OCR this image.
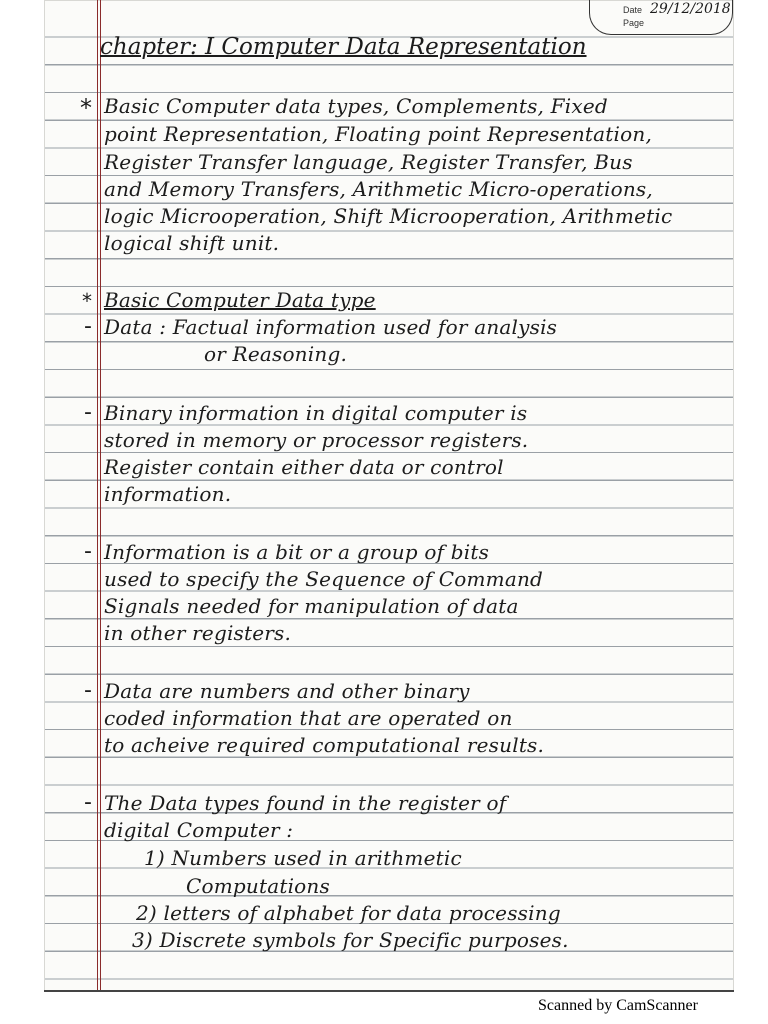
Date 29/12/2018
Page
chapter: I Computer Data Representation
* Basic Computer data types, Complements, Fixed
point Representation, Floating point Representation,
Register Transfer language, Register Transfer, Bus
and Memory Transfers, Arithmetic Micro-operations,
logic Microoperation, Shift Microoperation, Arithmetic
logical shift unit.
* Basic Computer Data type
- Data : Factual information used for analysis
or Reasoning.
- Binary information in digital computer is
stored in memory or processor registers.
Register contain either data or control
information.
- Information is a bit or a group of bits
used to specify the Sequence of Command
Signals needed for manipulation of data
in other registers.
- Data are numbers and other binary
coded information that are operated on
to acheive required computational results.
- The Data types found in the register of
digital Computer :
1) Numbers used in arithmetic
Computations
2) letters of alphabet for data processing
3) Discrete symbols for Specific purposes.
Scanned by CamScanner
